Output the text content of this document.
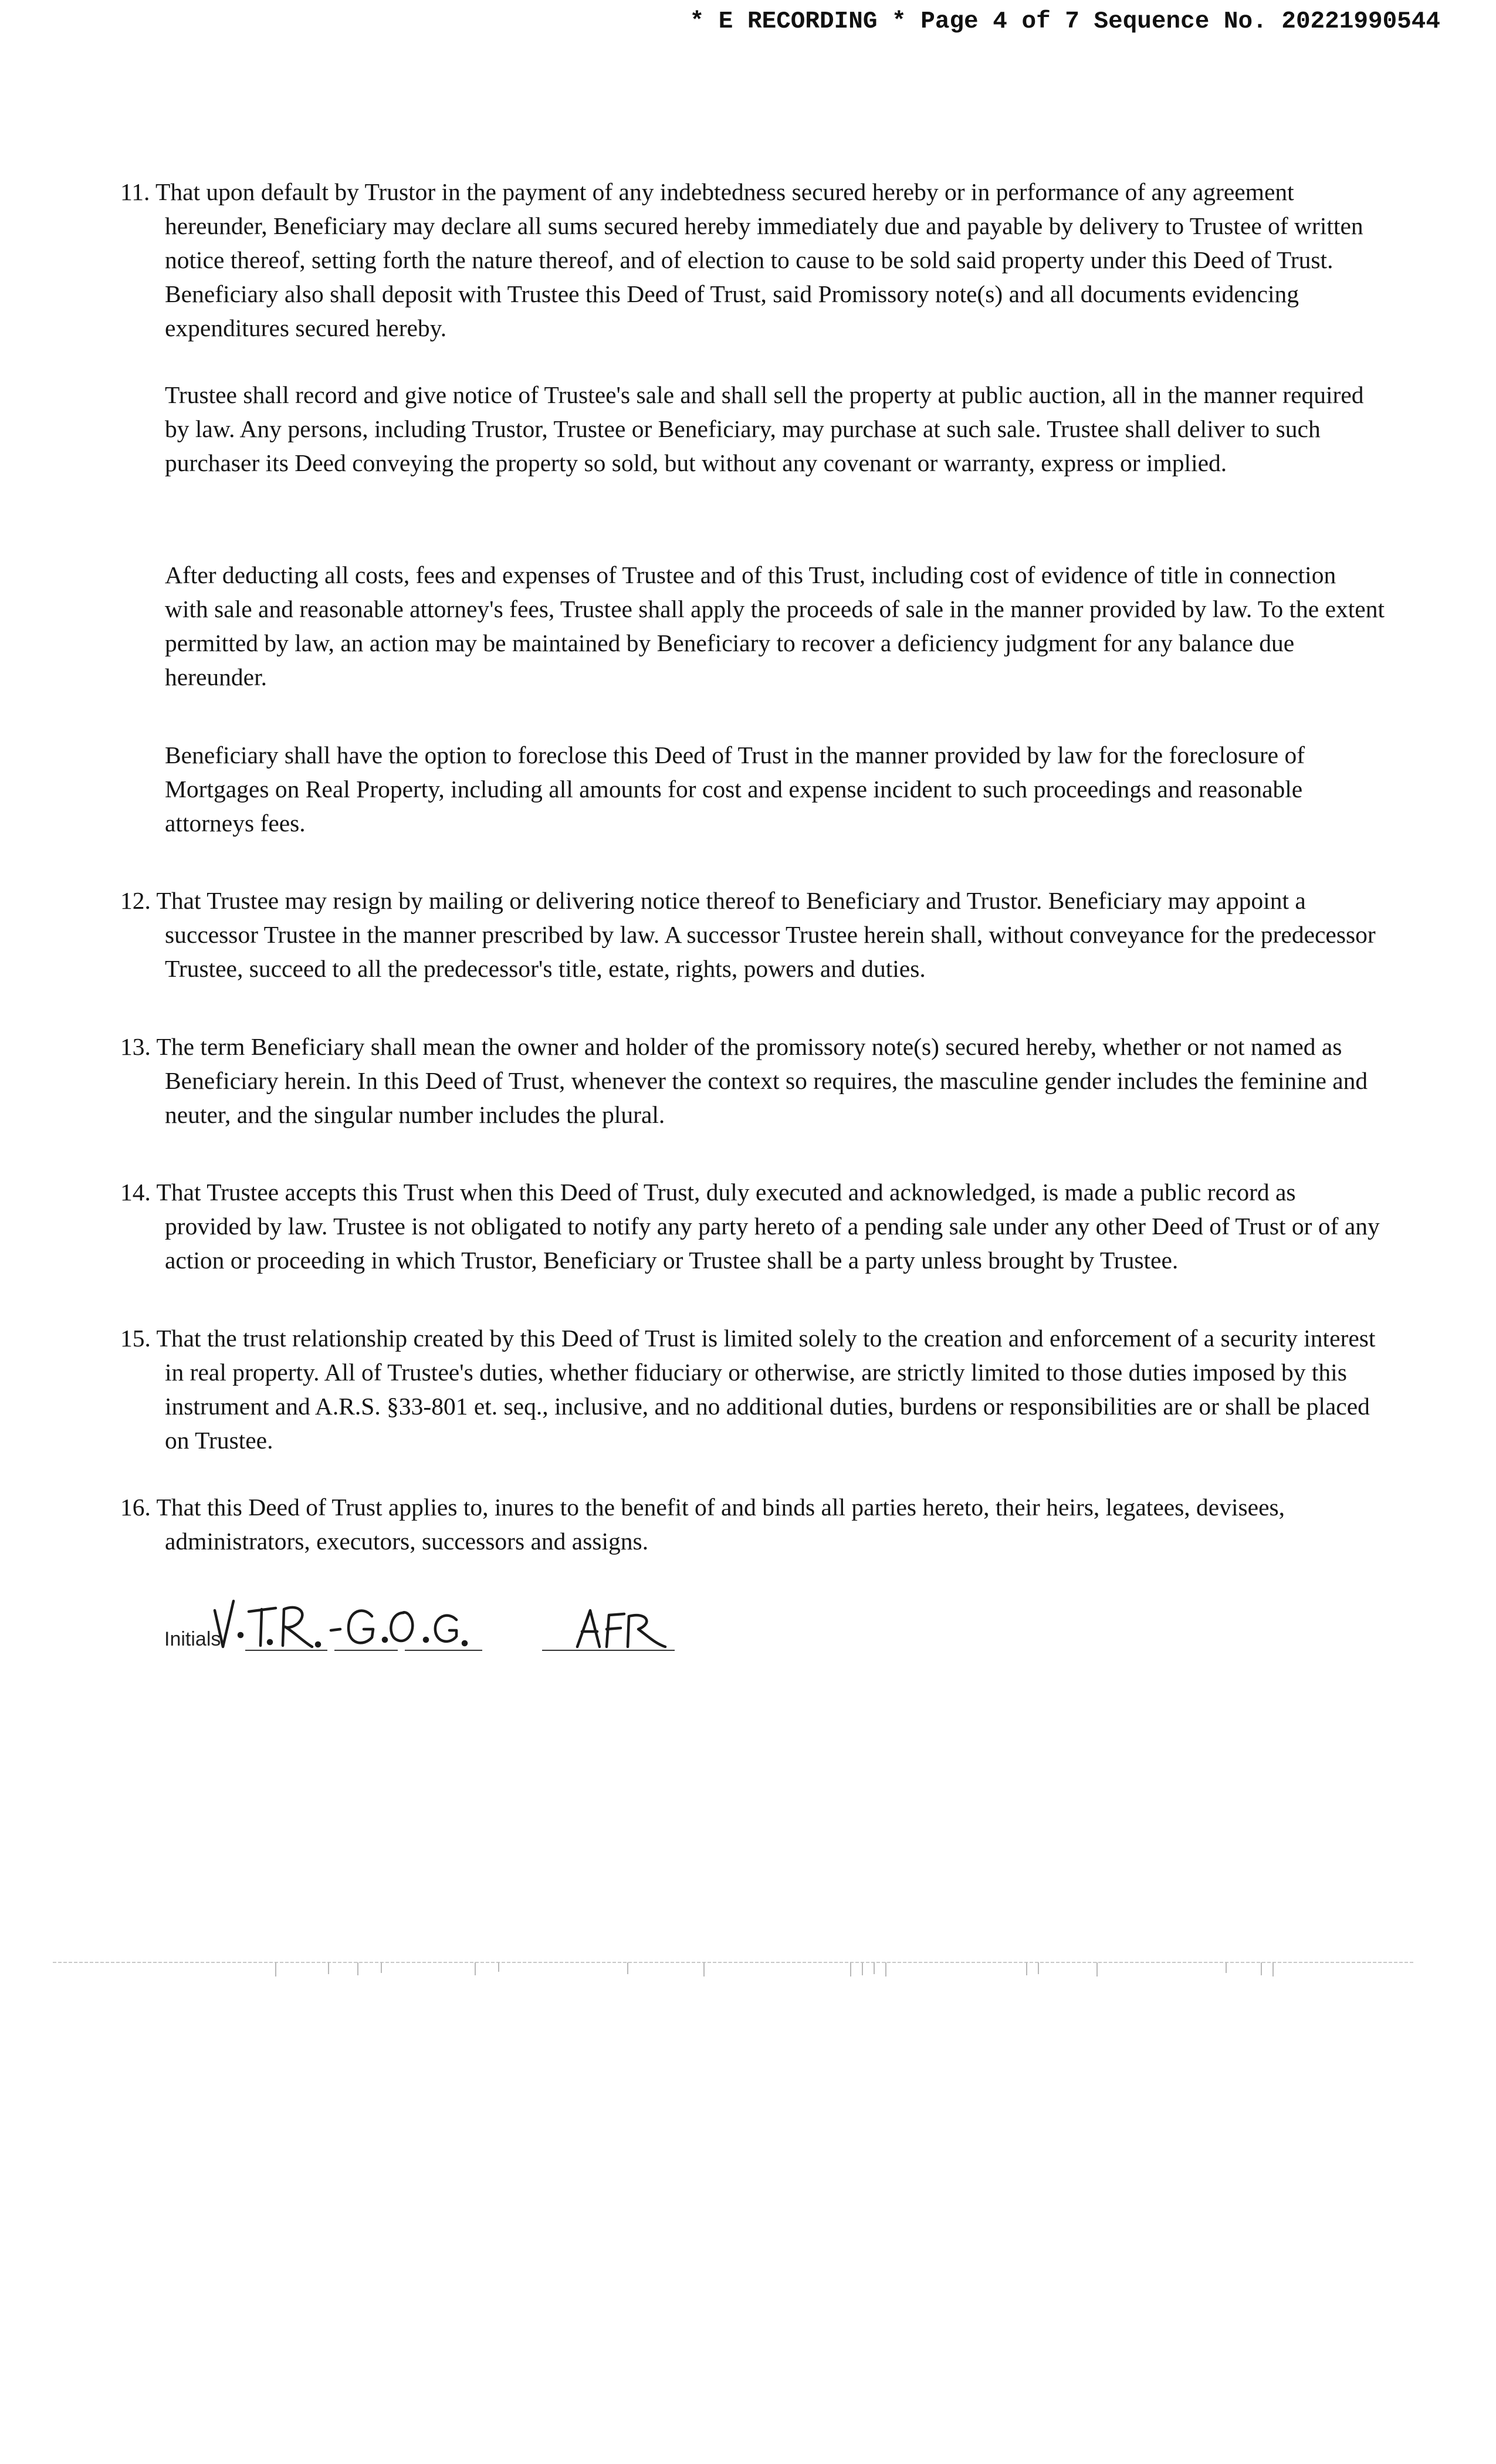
* E RECORDING * Page 4 of 7 Sequence No. 20221990544

11. That upon default by Trustor in the payment of any indebtedness secured hereby or in performance of any agreement hereunder, Beneficiary may declare all sums secured hereby immediately due and payable by delivery to Trustee of written notice thereof, setting forth the nature thereof, and of election to cause to be sold said property under this Deed of Trust. Beneficiary also shall deposit with Trustee this Deed of Trust, said Promissory note(s) and all documents evidencing expenditures secured hereby.

Trustee shall record and give notice of Trustee's sale and shall sell the property at public auction, all in the manner required by law. Any persons, including Trustor, Trustee or Beneficiary, may purchase at such sale. Trustee shall deliver to such purchaser its Deed conveying the property so sold, but without any covenant or warranty, express or implied.

After deducting all costs, fees and expenses of Trustee and of this Trust, including cost of evidence of title in connection with sale and reasonable attorney's fees, Trustee shall apply the proceeds of sale in the manner provided by law. To the extent permitted by law, an action may be maintained by Beneficiary to recover a deficiency judgment for any balance due hereunder.

Beneficiary shall have the option to foreclose this Deed of Trust in the manner provided by law for the foreclosure of Mortgages on Real Property, including all amounts for cost and expense incident to such proceedings and reasonable attorneys fees.

12. That Trustee may resign by mailing or delivering notice thereof to Beneficiary and Trustor. Beneficiary may appoint a successor Trustee in the manner prescribed by law. A successor Trustee herein shall, without conveyance for the predecessor Trustee, succeed to all the predecessor's title, estate, rights, powers and duties.

13. The term Beneficiary shall mean the owner and holder of the promissory note(s) secured hereby, whether or not named as Beneficiary herein. In this Deed of Trust, whenever the context so requires, the masculine gender includes the feminine and neuter, and the singular number includes the plural.

14. That Trustee accepts this Trust when this Deed of Trust, duly executed and acknowledged, is made a public record as provided by law. Trustee is not obligated to notify any party hereto of a pending sale under any other Deed of Trust or of any action or proceeding in which Trustor, Beneficiary or Trustee shall be a party unless brought by Trustee.

15. That the trust relationship created by this Deed of Trust is limited solely to the creation and enforcement of a security interest in real property. All of Trustee's duties, whether fiduciary or otherwise, are strictly limited to those duties imposed by this instrument and A.R.S. §33-801 et. seq., inclusive, and no additional duties, burdens or responsibilities are or shall be placed on Trustee.

16. That this Deed of Trust applies to, inures to the benefit of and binds all parties hereto, their heirs, legatees, devisees, administrators, executors, successors and assigns.

Initials
